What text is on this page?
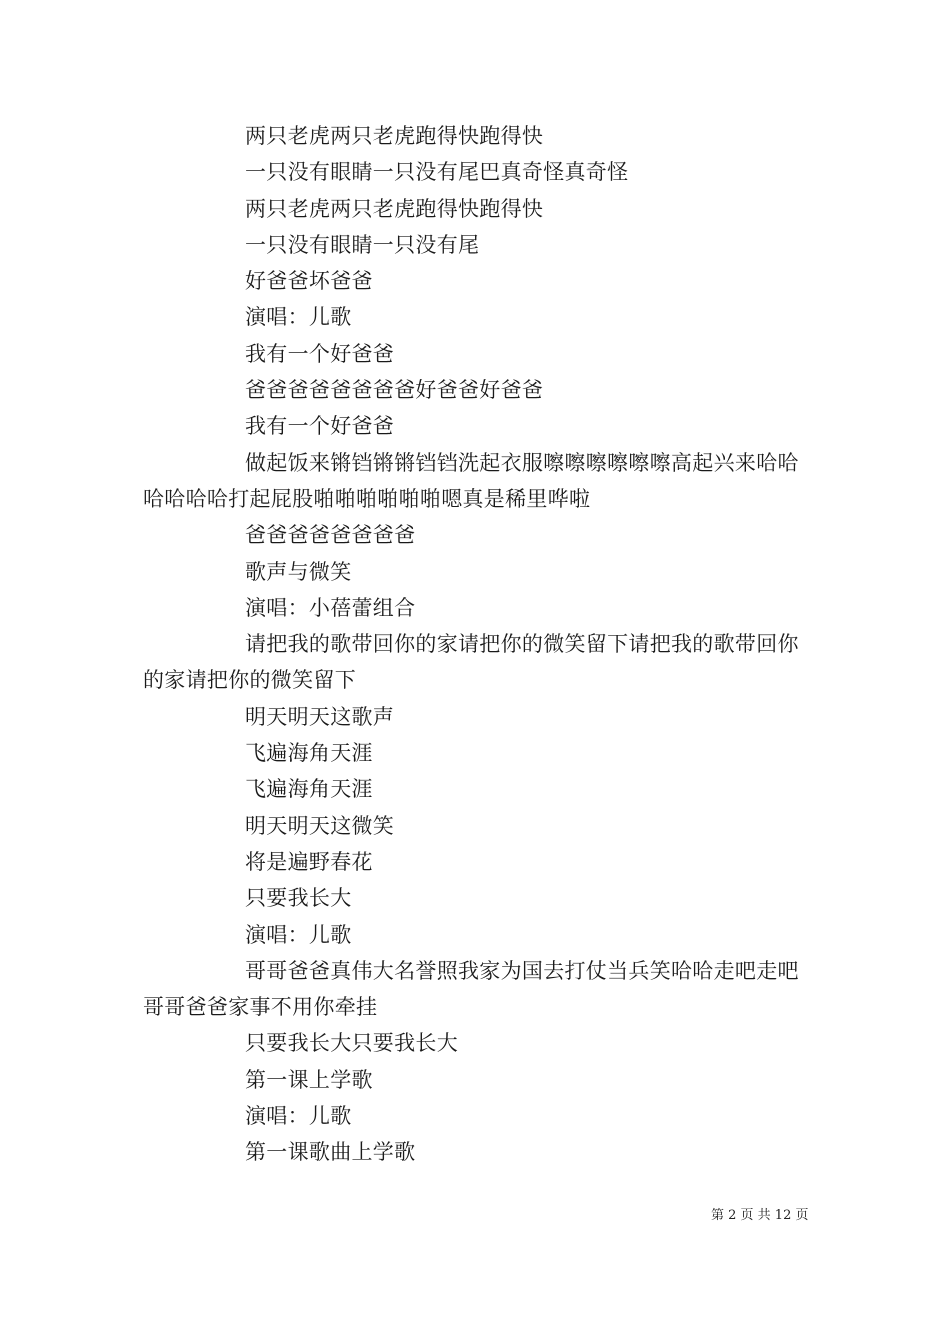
两只老虎两只老虎跑得快跑得快

一只没有眼睛一只没有尾巴真奇怪真奇怪

两只老虎两只老虎跑得快跑得快

一只没有眼睛一只没有尾

好爸爸坏爸爸

演唱：儿歌

我有一个好爸爸

爸爸爸爸爸爸爸爸好爸爸好爸爸

我有一个好爸爸

做起饭来锵铛锵锵铛铛洗起衣服嚓嚓嚓嚓嚓嚓高起兴来哈哈哈哈哈哈打起屁股啪啪啪啪啪啪嗯真是稀里哗啦

爸爸爸爸爸爸爸爸

歌声与微笑

演唱：小蓓蕾组合

请把我的歌带回你的家请把你的微笑留下请把我的歌带回你的家请把你的微笑留下

明天明天这歌声

飞遍海角天涯

飞遍海角天涯

明天明天这微笑

将是遍野春花

只要我长大

演唱：儿歌

哥哥爸爸真伟大名誉照我家为国去打仗当兵笑哈哈走吧走吧哥哥爸爸家事不用你牵挂

只要我长大只要我长大

第一课上学歌

演唱：儿歌

第一课歌曲上学歌

第 2 页 共 12 页
